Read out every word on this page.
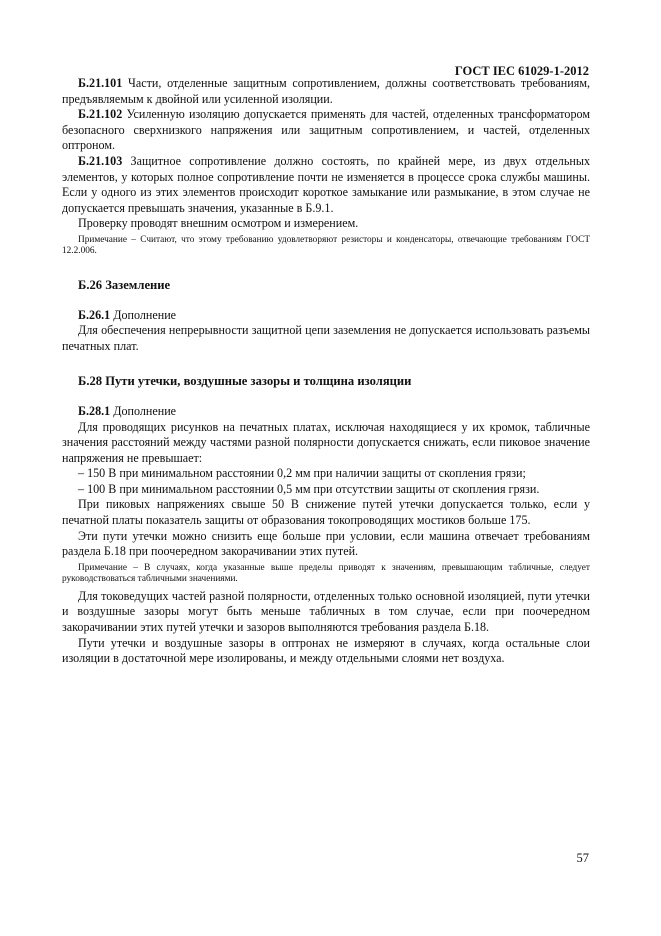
ГОСТ IEC 61029-1-2012

Б.21.101 Части, отделенные защитным сопротивлением, должны соответствовать требованиям, предъявляемым к двойной или усиленной изоляции.

Б.21.102 Усиленную изоляцию допускается применять для частей, отделенных трансформатором безопасного сверхнизкого напряжения или защитным сопротивлением, и частей, отделенных оптроном.

Б.21.103 Защитное сопротивление должно состоять, по крайней мере, из двух отдельных элементов, у которых полное сопротивление почти не изменяется в процессе срока службы машины. Если у одного из этих элементов происходит короткое замыкание или размыкание, в этом случае не допускается превышать значения, указанные в Б.9.1.

Проверку проводят внешним осмотром и измерением.

Примечание – Считают, что этому требованию удовлетворяют резисторы и конденсаторы, отвечающие требованиям ГОСТ 12.2.006.

Б.26 Заземление

Б.26.1 Дополнение

Для обеспечения непрерывности защитной цепи заземления не допускается использовать разъемы печатных плат.

Б.28 Пути утечки, воздушные зазоры и толщина изоляции

Б.28.1 Дополнение

Для проводящих рисунков на печатных платах, исключая находящиеся у их кромок, табличные значения расстояний между частями разной полярности допускается снижать, если пиковое значение напряжения не превышает:

– 150 В при минимальном расстоянии 0,2 мм при наличии защиты от скопления грязи;

– 100 В при минимальном расстоянии 0,5 мм при отсутствии защиты от скопления грязи.

При пиковых напряжениях свыше 50 В снижение путей утечки допускается только, если у печатной платы показатель защиты от образования токопроводящих мостиков больше 175.

Эти пути утечки можно снизить еще больше при условии, если машина отвечает требованиям раздела Б.18 при поочередном закорачивании этих путей.

Примечание – В случаях, когда указанные выше пределы приводят к значениям, превышающим табличные, следует руководствоваться табличными значениями.

Для токоведущих частей разной полярности, отделенных только основной изоляцией, пути утечки и воздушные зазоры могут быть меньше табличных в том случае, если при поочередном закорачивании этих путей утечки и зазоров выполняются требования раздела Б.18.

Пути утечки и воздушные зазоры в оптронах не измеряют в случаях, когда остальные слои изоляции в достаточной мере изолированы, и между отдельными слоями нет воздуха.

57
